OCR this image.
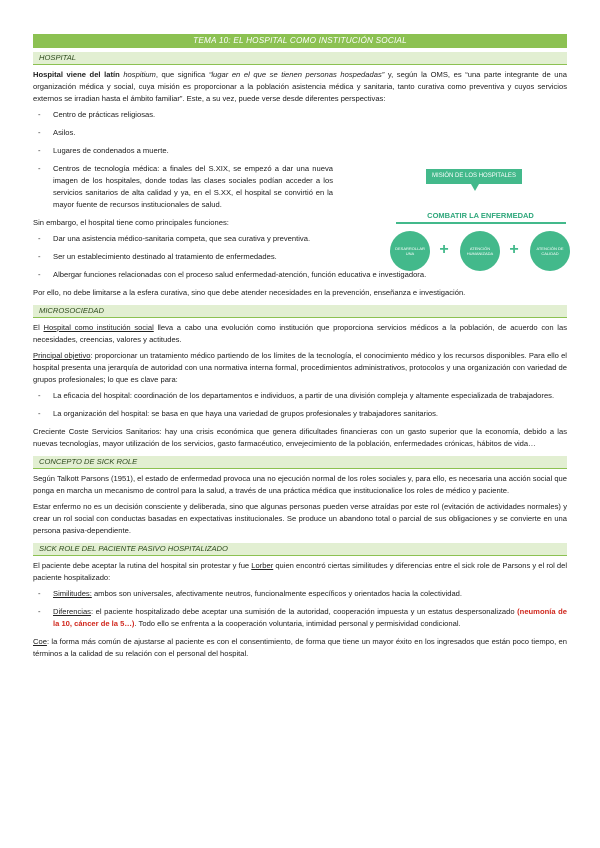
TEMA 10: EL HOSPITAL COMO INSTITUCIÓN SOCIAL
HOSPITAL

Hospital viene del latín hospitium, que significa “lugar en el que se tienen personas hospedadas” y, según la OMS, es “una parte integrante de una organización médica y social, cuya misión es proporcionar a la población asistencia médica y sanitaria, tanto curativa como preventiva y cuyos servicios externos se irradian hasta el ámbito familiar”. Este, a su vez, puede verse desde diferentes perspectivas:

- Centro de prácticas religiosas.
- Asilos.
- Lugares de condenados a muerte.
- Centros de tecnología médica: a finales del S.XIX, se empezó a dar una nueva imagen de los hospitales, donde todas las clases sociales podían acceder a los servicios sanitarios de alta calidad y ya, en el S.XX, el hospital se convirtió en la mayor fuente de recursos institucionales de salud.
MISIÓN DE LOS HOSPITALES
COMBATIR LA ENFERMEDAD
DESARROLLAR UNA	+	ATENCIÓN HUMANIZADA	+	ATENCIÓN DE CALIDAD

Sin embargo, el hospital tiene como principales funciones:

- Dar una asistencia médico-sanitaria competa, que sea curativa y preventiva.
- Ser un establecimiento destinado al tratamiento de enfermedades.
- Albergar funciones relacionadas con el proceso salud enfermedad-atención, función educativa e investigadora.

Por ello, no debe limitarse a la esfera curativa, sino que debe atender necesidades en la prevención, enseñanza e investigación.

MICROSOCIEDAD

El Hospital como institución social lleva a cabo una evolución como institución que proporciona servicios médicos a la población, de acuerdo con las necesidades, creencias, valores y actitudes.

Principal objetivo: proporcionar un tratamiento médico partiendo de los límites de la tecnología, el conocimiento médico y los recursos disponibles. Para ello el hospital presenta una jerarquía de autoridad con una normativa interna formal, procedimientos administrativos, protocolos y una organización con variedad de grupos profesionales; lo que es clave para:

- La eficacia del hospital: coordinación de los departamentos e individuos, a partir de una división compleja y altamente especializada de trabajadores.
- La organización del hospital: se basa en que haya una variedad de grupos profesionales y trabajadores sanitarios.

Creciente Coste Servicios Sanitarios: hay una crisis económica que genera dificultades financieras con un gasto superior que la economía, debido a las nuevas tecnologías, mayor utilización de los servicios, gasto farmacéutico, envejecimiento de la población, enfermedades crónicas, hábitos de vida…

CONCEPTO DE SICK ROLE

Según Talkott Parsons (1951), el estado de enfermedad provoca una no ejecución normal de los roles sociales y, para ello, es necesaria una acción social que ponga en marcha un mecanismo de control para la salud, a través de una práctica médica que institucionalice los roles de médico y paciente.

Estar enfermo no es un decisión consciente y deliberada, sino que algunas personas pueden verse atraídas por este rol (evitación de actividades normales) y crear un rol social con conductas basadas en expectativas institucionales. Se produce un abandono total o parcial de sus obligaciones y se convierte en una persona pasiva-dependiente.

SICK ROLE DEL PACIENTE PASIVO HOSPITALIZADO

El paciente debe aceptar la rutina del hospital sin protestar y fue Lorber quien encontró ciertas similitudes y diferencias entre el sick role de Parsons y el rol del paciente hospitalizado:

- Similitudes: ambos son universales, afectivamente neutros, funcionalmente específicos y orientados hacia la colectividad.
- Diferencias: el paciente hospitalizado debe aceptar una sumisión de la autoridad, cooperación impuesta y un estatus despersonalizado (neumonía de la 10, cáncer de la 5…). Todo ello se enfrenta a la cooperación voluntaria, intimidad personal y permisividad condicional.

Coe: la forma más común de ajustarse al paciente es con el consentimiento, de forma que tiene un mayor éxito en los ingresados que están poco tiempo, en términos a la calidad de su relación con el personal del hospital.
